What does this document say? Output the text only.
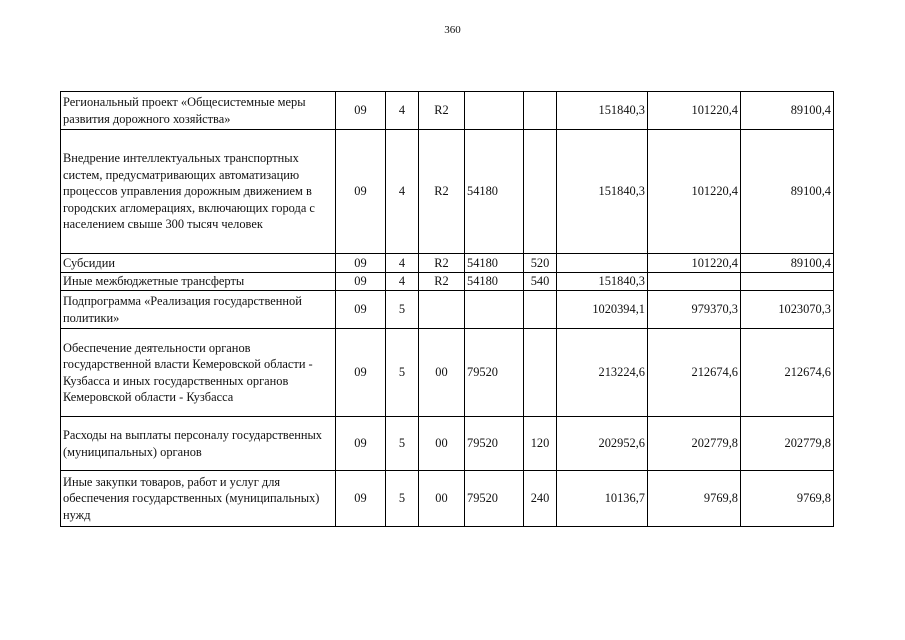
360
Региональный проект «Общесистемные меры развития дорожного хозяйства»	09	4	R2			151840,3	101220,4	89100,4
Внедрение интеллектуальных транспортных систем, предусматривающих автоматизацию процессов управления дорожным движением в городских агломерациях, включающих города с населением свыше 300 тысяч человек	09	4	R2	54180		151840,3	101220,4	89100,4
Субсидии	09	4	R2	54180	520		101220,4	89100,4
Иные межбюджетные трансферты	09	4	R2	54180	540	151840,3		
Подпрограмма «Реализация государственной политики»	09	5				1020394,1	979370,3	1023070,3
Обеспечение деятельности органов государственной власти Кемеровской области - Кузбасса и иных государственных органов Кемеровской области - Кузбасса	09	5	00	79520		213224,6	212674,6	212674,6
Расходы на выплаты персоналу государственных (муниципальных) органов	09	5	00	79520	120	202952,6	202779,8	202779,8
Иные закупки товаров, работ и услуг для обеспечения государственных (муниципальных) нужд	09	5	00	79520	240	10136,7	9769,8	9769,8
